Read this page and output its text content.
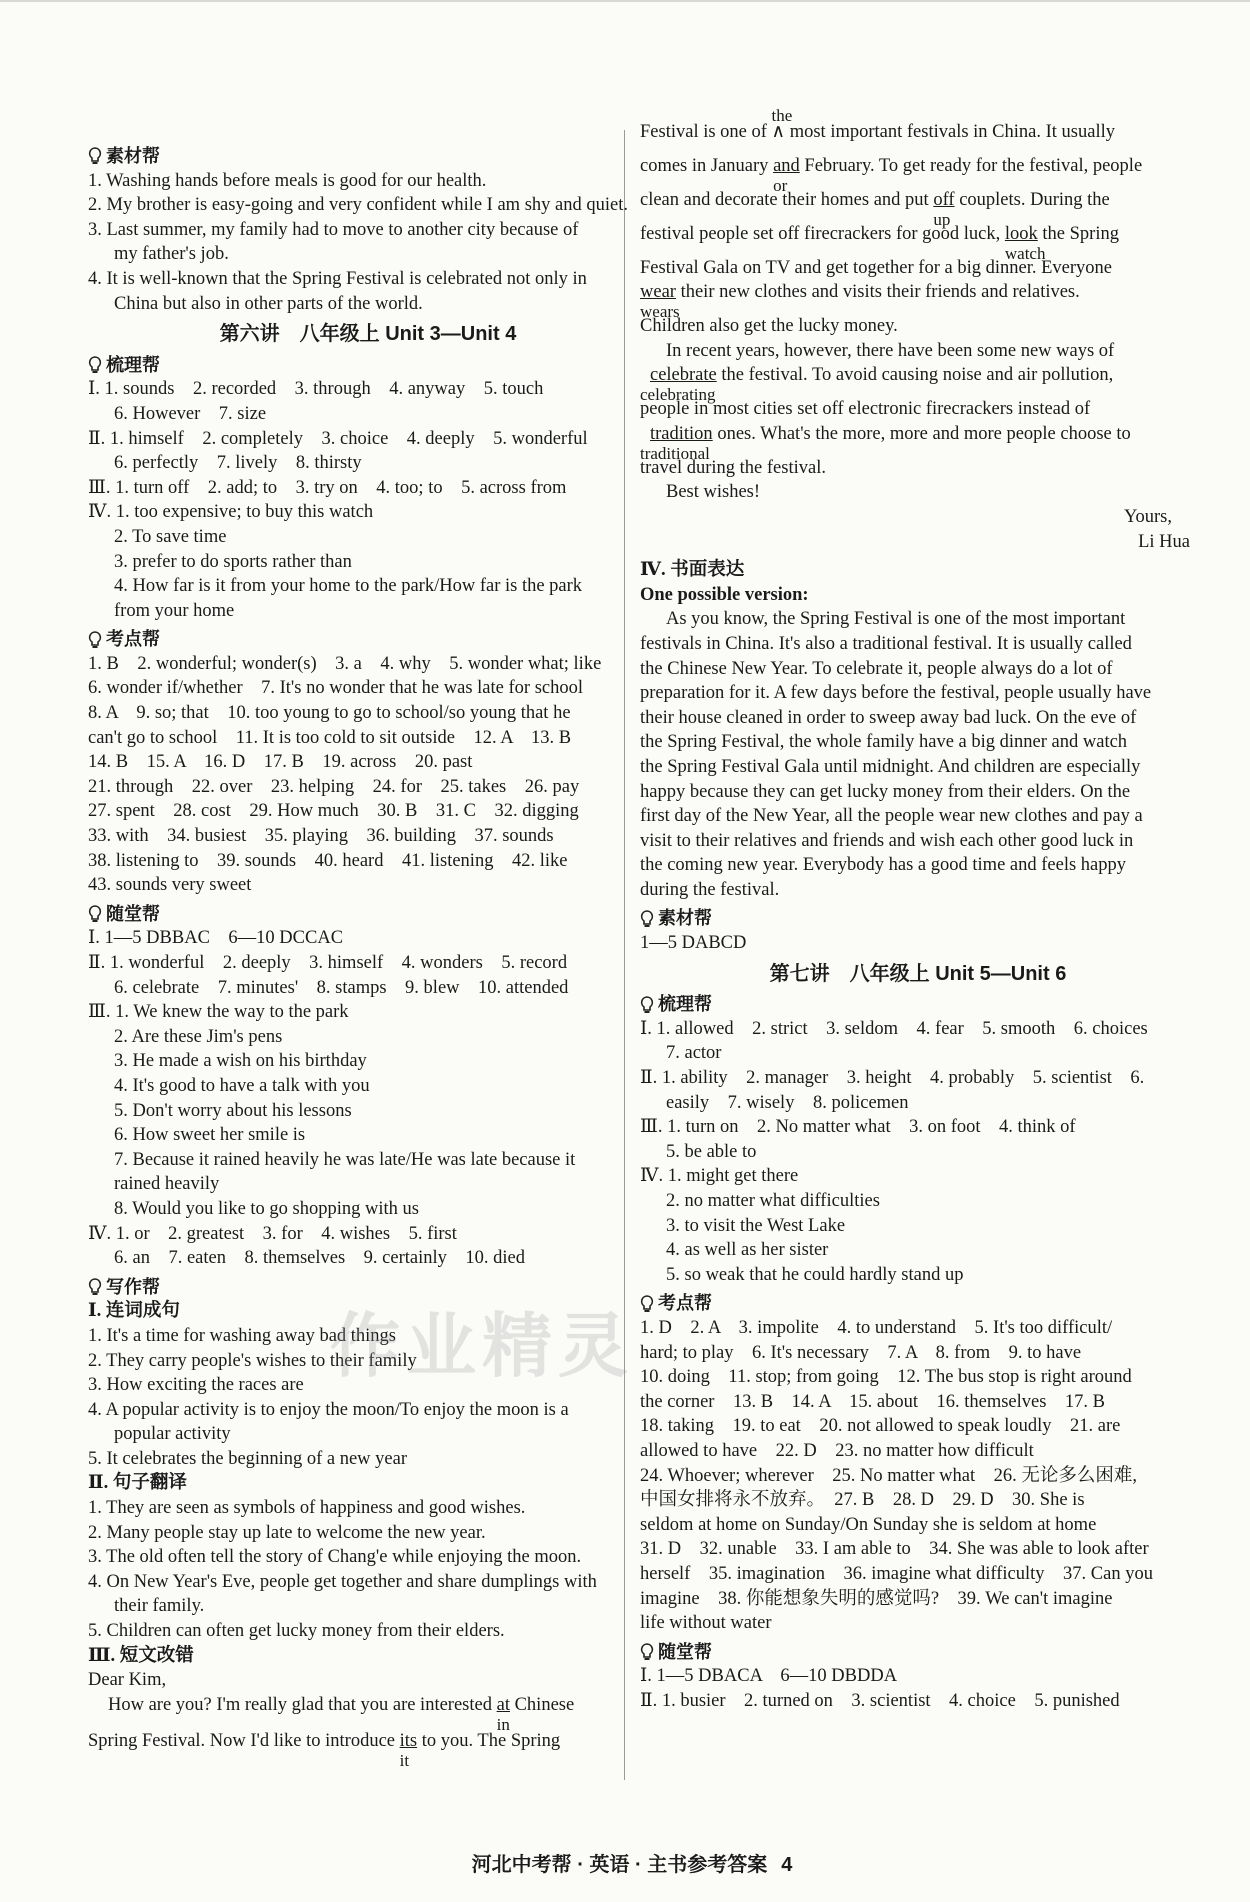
素材帮
1. Washing hands before meals is good for our health.
2. My brother is easy-going and very confident while I am shy and quiet.
3. Last summer, my family had to move to another city because of
my father's job.
4. It is well-known that the Spring Festival is celebrated not only in
China but also in other parts of the world.
第六讲　八年级上 Unit 3—Unit 4
梳理帮
Ⅰ. 1. sounds　2. recorded　3. through　4. anyway　5. touch
6. However　7. size
Ⅱ. 1. himself　2. completely　3. choice　4. deeply　5. wonderful
6. perfectly　7. lively　8. thirsty
Ⅲ. 1. turn off　2. add; to　3. try on　4. too; to　5. across from
Ⅳ. 1. too expensive; to buy this watch
2. To save time
3. prefer to do sports rather than
4. How far is it from your home to the park/How far is the park
from your home
考点帮
1. B　2. wonderful; wonder(s)　3. a　4. why　5. wonder what; like
6. wonder if/whether　7. It's no wonder that he was late for school
8. A　9. so; that　10. too young to go to school/so young that he
can't go to school　11. It is too cold to sit outside　12. A　13. B
14. B　15. A　16. D　17. B　19. across　20. past
21. through　22. over　23. helping　24. for　25. takes　26. pay
27. spent　28. cost　29. How much　30. B　31. C　32. digging
33. with　34. busiest　35. playing　36. building　37. sounds
38. listening to　39. sounds　40. heard　41. listening　42. like
43. sounds very sweet
随堂帮
Ⅰ. 1—5 DBBAC　6—10 DCCAC
Ⅱ. 1. wonderful　2. deeply　3. himself　4. wonders　5. record
6. celebrate　7. minutes'　8. stamps　9. blew　10. attended
Ⅲ. 1. We knew the way to the park
2. Are these Jim's pens
3. He made a wish on his birthday
4. It's good to have a talk with you
5. Don't worry about his lessons
6. How sweet her smile is
7. Because it rained heavily he was late/He was late because it
rained heavily
8. Would you like to go shopping with us
Ⅳ. 1. or　2. greatest　3. for　4. wishes　5. first
6. an　7. eaten　8. themselves　9. certainly　10. died
写作帮
Ⅰ. 连词成句
1. It's a time for washing away bad things
2. They carry people's wishes to their family
3. How exciting the races are
4. A popular activity is to enjoy the moon/To enjoy the moon is a
popular activity
5. It celebrates the beginning of a new year
Ⅱ. 句子翻译
1. They are seen as symbols of happiness and good wishes.
2. Many people stay up late to welcome the new year.
3. The old often tell the story of Chang'e while enjoying the moon.
4. On New Year's Eve, people get together and share dumplings with
their family.
5. Children can often get lucky money from their elders.
Ⅲ. 短文改错
Dear Kim,
How are you? I'm really glad that you are interested $\frac{at}{in}$ Chinese
Spring Festival. Now I'd like to introduce its
it
to you. The Spring
Festival is one of ∧
the
most important festivals in China. It usually
comes in January and
or
February. To get ready for the festival, people
clean and decorate their homes and put off
up
couplets. During the
festival people set off firecrackers for good luck, look
watch
the Spring
Festival Gala on TV and get together for a big dinner. Everyone
wear
wears
their new clothes and visits their friends and relatives.
Children also get the lucky money.
In recent years, however, there have been some new ways of
celebrate
celebrating
the festival. To avoid causing noise and air pollution,
people in most cities set off electronic firecrackers instead of
tradition
traditional
ones. What's the more, more and more people choose to
travel during the festival.
Best wishes!
Yours,
Li Hua
Ⅳ. 书面表达
One possible version:
As you know, the Spring Festival is one of the most important
festivals in China. It's also a traditional festival. It is usually called
the Chinese New Year. To celebrate it, people always do a lot of
preparation for it. A few days before the festival, people usually have
their house cleaned in order to sweep away bad luck. On the eve of
the Spring Festival, the whole family have a big dinner and watch
the Spring Festival Gala until midnight. And children are especially
happy because they can get lucky money from their elders. On the
first day of the New Year, all the people wear new clothes and pay a
visit to their relatives and friends and wish each other good luck in
the coming new year. Everybody has a good time and feels happy
during the festival.
素材帮
1—5 DABCD
第七讲　八年级上 Unit 5—Unit 6
梳理帮
Ⅰ. 1. allowed　2. strict　3. seldom　4. fear　5. smooth　6. choices
7. actor
Ⅱ. 1. ability　2. manager　3. height　4. probably　5. scientist　6.
easily　7. wisely　8. policemen
Ⅲ. 1. turn on　2. No matter what　3. on foot　4. think of
5. be able to
Ⅳ. 1. might get there
2. no matter what difficulties
3. to visit the West Lake
4. as well as her sister
5. so weak that he could hardly stand up
考点帮
1. D　2. A　3. impolite　4. to understand　5. It's too difficult/
hard; to play　6. It's necessary　7. A　8. from　9. to have
10. doing　11. stop; from going　12. The bus stop is right around
the corner　13. B　14. A　15. about　16. themselves　17. B
18. taking　19. to eat　20. not allowed to speak loudly　21. are
allowed to have　22. D　23. no matter how difficult
24. Whoever; wherever　25. No matter what　26. 无论多么困难,
中国女排将永不放弃。　27. B　28. D　29. D　30. She is
seldom at home on Sunday/On Sunday she is seldom at home
31. D　32. unable　33. I am able to　34. She was able to look after
herself　35. imagination　36. imagine what difficulty　37. Can you
imagine　38. 你能想象失明的感觉吗?　39. We can't imagine
life without water
随堂帮
Ⅰ. 1—5 DBACA　6—10 DBDDA
Ⅱ. 1. busier　2. turned on　3. scientist　4. choice　5. punished
作业精灵
河北中考帮 · 英语 · 主书参考答案 4
